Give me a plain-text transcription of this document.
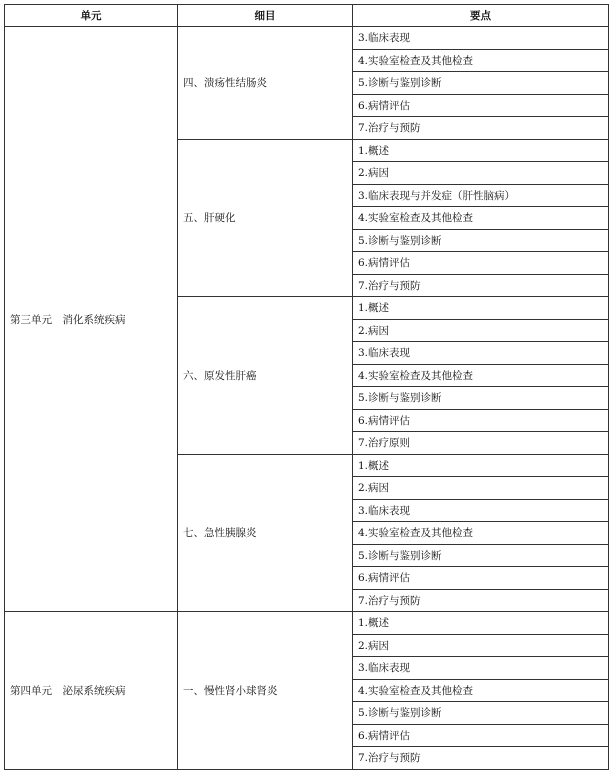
单元	细目	要点
第三单元　消化系统疾病	四、溃疡性结肠炎	3.临床表现
		4.实验室检查及其他检查
		5.诊断与鉴别诊断
		6.病情评估
		7.治疗与预防
	五、肝硬化	1.概述
		2.病因
		3.临床表现与并发症（肝性脑病）
		4.实验室检查及其他检查
		5.诊断与鉴别诊断
		6.病情评估
		7.治疗与预防
	六、原发性肝癌	1.概述
		2.病因
		3.临床表现
		4.实验室检查及其他检查
		5.诊断与鉴别诊断
		6.病情评估
		7.治疗原则
	七、急性胰腺炎	1.概述
		2.病因
		3.临床表现
		4.实验室检查及其他检查
		5.诊断与鉴别诊断
		6.病情评估
		7.治疗与预防
第四单元　泌尿系统疾病	一、慢性肾小球肾炎	1.概述
		2.病因
		3.临床表现
		4.实验室检查及其他检查
		5.诊断与鉴别诊断
		6.病情评估
		7.治疗与预防
